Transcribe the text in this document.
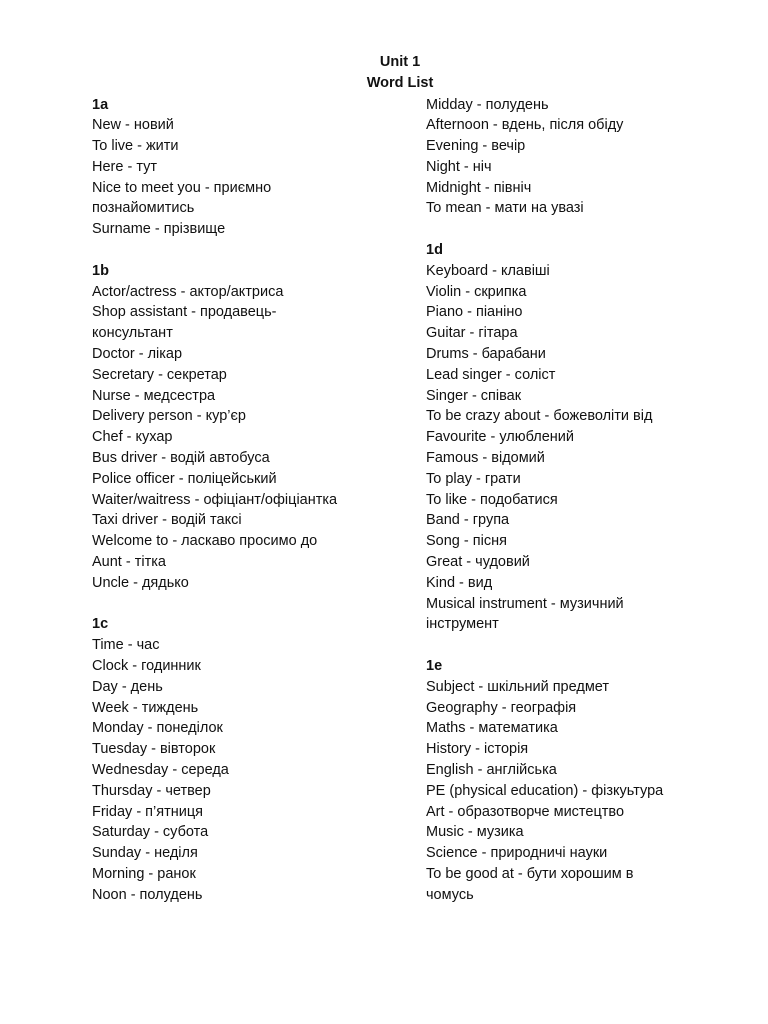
Unit 1
Word List
1a
New - новий
To live - жити
Here - тут
Nice to meet you - приємно
познайомитись
Surname - прізвище
1b
Actor/actress - актор/актриса
Shop assistant - продавець-
консультант
Doctor - лікар
Secretary - секретар
Nurse - медсестра
Delivery person - кур’єр
Chef - кухар
Bus driver - водій автобуса
Police officer - поліцейський
Waiter/waitress - офіціант/офіціантка
Taxi driver - водій таксі
Welcome to - ласкаво просимо до
Aunt - тітка
Uncle - дядько
1c
Time - час
Clock - годинник
Day - день
Week - тиждень
Monday - понеділок
Tuesday - вівторок
Wednesday - середа
Thursday - четвер
Friday - п’ятниця
Saturday - субота
Sunday - неділя
Morning - ранок
Noon - полудень
Midday - полудень
Afternoon - вдень, після обіду
Evening - вечір
Night - ніч
Midnight - північ
To mean - мати на увазі
1d
Keyboard - клавіші
Violin - скрипка
Piano - піаніно
Guitar - гітара
Drums - барабани
Lead singer - соліст
Singer - співак
To be crazy about - божеволіти від
Favourite - улюблений
Famous - відомий
To play - грати
To like - подобатися
Band - група
Song - пісня
Great - чудовий
Kind - вид
Musical instrument - музичний
інструмент
1e
Subject - шкільний предмет
Geography - географія
Maths - математика
History - історія
English - англійська
PE (physical education) - фізкуьтура
Art - образотворче мистецтво
Music - музика
Science - природничі науки
To be good at - бути хорошим в
чомусь
